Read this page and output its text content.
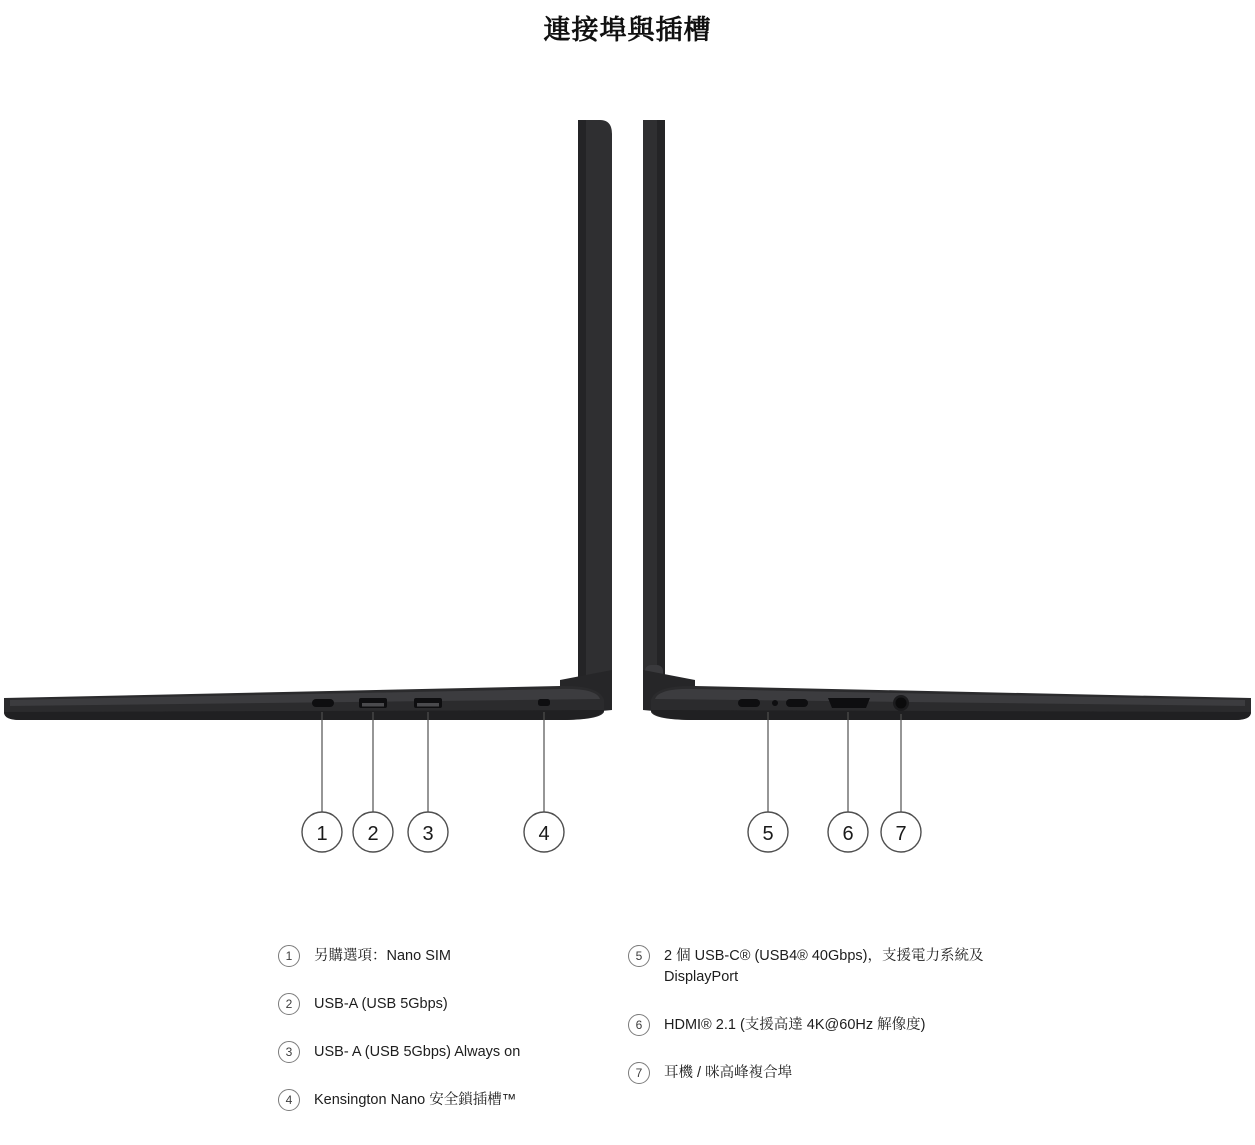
連接埠與插槽
1 2 3	4	5	6 7
1	另購選項：Nano SIM
2	USB-A (USB 5Gbps)
3	USB- A (USB 5Gbps) Always on
4	Kensington Nano 安全鎖插槽™
5	2 個 USB-C® (USB4® 40Gbps)，支援電力系統及 DisplayPort
6	HDMI® 2.1 (支援高達 4K@60Hz 解像度)
7	耳機 / 咪高峰複合埠
